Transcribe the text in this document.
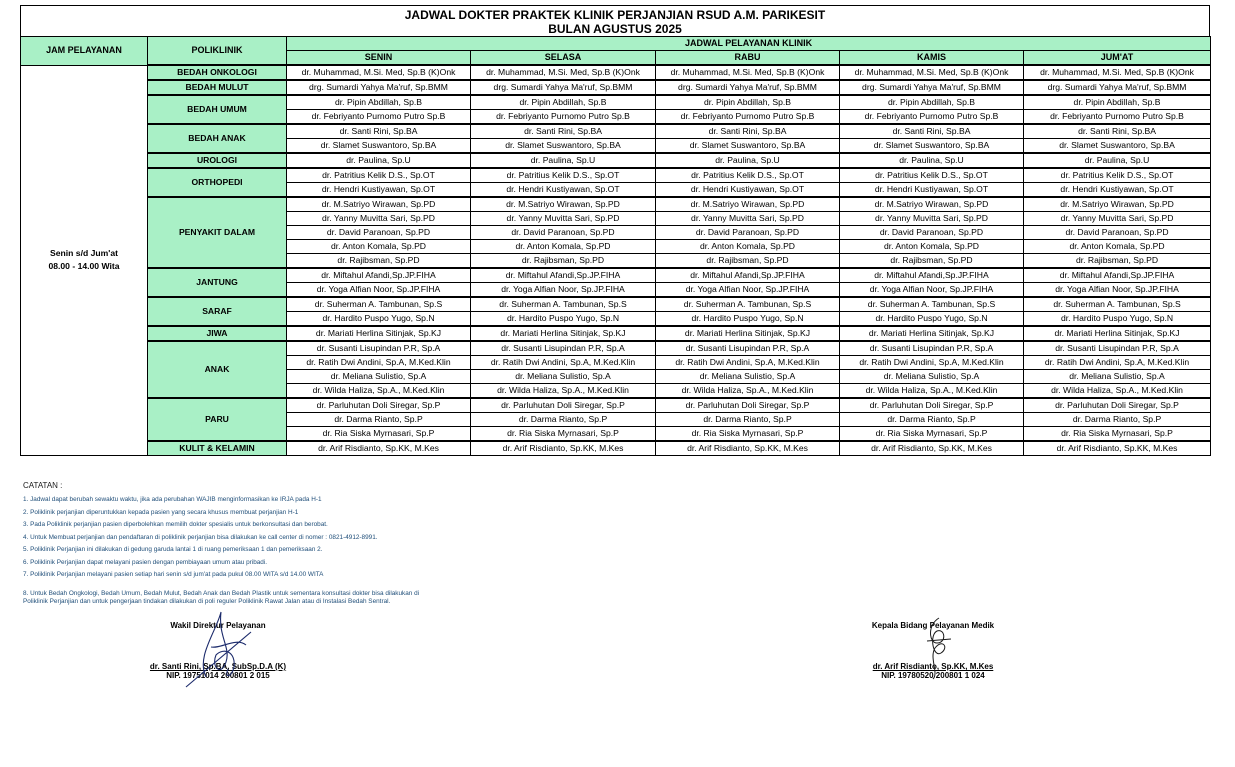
JADWAL DOKTER PRAKTEK KLINIK PERJANJIAN RSUD A.M. PARIKESIT
BULAN AGUSTUS 2025
JAM PELAYANAN	POLIKLINIK	JADWAL PELAYANAN KLINIK				
		SENIN	SELASA	RABU	KAMIS	JUM'AT

Senin s/d Jum'at
08.00 - 14.00 Wita	BEDAH ONKOLOGI	dr. Muhammad, M.Si. Med, Sp.B (K)Onk	dr. Muhammad, M.Si. Med, Sp.B (K)Onk	dr. Muhammad, M.Si. Med, Sp.B (K)Onk	dr. Muhammad, M.Si. Med, Sp.B (K)Onk	dr. Muhammad, M.Si. Med, Sp.B (K)Onk
	BEDAH MULUT	drg. Sumardi Yahya Ma'ruf, Sp.BMM	drg. Sumardi Yahya Ma'ruf, Sp.BMM	drg. Sumardi Yahya Ma'ruf, Sp.BMM	drg. Sumardi Yahya Ma'ruf, Sp.BMM	drg. Sumardi Yahya Ma'ruf, Sp.BMM
	BEDAH UMUM	dr. Pipin Abdillah, Sp.B	dr. Pipin Abdillah, Sp.B	dr. Pipin Abdillah, Sp.B	dr. Pipin Abdillah, Sp.B	dr. Pipin Abdillah, Sp.B
		dr. Febriyanto Purnomo Putro Sp.B	dr. Febriyanto Purnomo Putro Sp.B	dr. Febriyanto Purnomo Putro Sp.B	dr. Febriyanto Purnomo Putro Sp.B	dr. Febriyanto Purnomo Putro Sp.B
	BEDAH ANAK	dr. Santi Rini, Sp.BA	dr. Santi Rini, Sp.BA	dr. Santi Rini, Sp.BA	dr. Santi Rini, Sp.BA	dr. Santi Rini, Sp.BA
		dr. Slamet Suswantoro, Sp.BA	dr. Slamet Suswantoro, Sp.BA	dr. Slamet Suswantoro, Sp.BA	dr. Slamet Suswantoro, Sp.BA	dr. Slamet Suswantoro, Sp.BA
	UROLOGI	dr. Paulina, Sp.U	dr. Paulina, Sp.U	dr. Paulina, Sp.U	dr. Paulina, Sp.U	dr. Paulina, Sp.U
	ORTHOPEDI	dr. Patritius Kelik D.S., Sp.OT	dr. Patritius Kelik D.S., Sp.OT	dr. Patritius Kelik D.S., Sp.OT	dr. Patritius Kelik D.S., Sp.OT	dr. Patritius Kelik D.S., Sp.OT
		dr. Hendri Kustiyawan, Sp.OT	dr. Hendri Kustiyawan, Sp.OT	dr. Hendri Kustiyawan, Sp.OT	dr. Hendri Kustiyawan, Sp.OT	dr. Hendri Kustiyawan, Sp.OT
	PENYAKIT DALAM	dr. M.Satriyo Wirawan, Sp.PD	dr. M.Satriyo Wirawan, Sp.PD	dr. M.Satriyo Wirawan, Sp.PD	dr. M.Satriyo Wirawan, Sp.PD	dr. M.Satriyo Wirawan, Sp.PD
		dr. Yanny Muvitta Sari, Sp.PD	dr. Yanny Muvitta Sari, Sp.PD	dr. Yanny Muvitta Sari, Sp.PD	dr. Yanny Muvitta Sari, Sp.PD	dr. Yanny Muvitta Sari, Sp.PD
		dr. David Paranoan, Sp.PD	dr. David Paranoan, Sp.PD	dr. David Paranoan, Sp.PD	dr. David Paranoan, Sp.PD	dr. David Paranoan, Sp.PD
		dr. Anton Komala, Sp.PD	dr. Anton Komala, Sp.PD	dr. Anton Komala, Sp.PD	dr. Anton Komala, Sp.PD	dr. Anton Komala, Sp.PD
		dr. Rajibsman, Sp.PD	dr. Rajibsman, Sp.PD	dr. Rajibsman, Sp.PD	dr. Rajibsman, Sp.PD	dr. Rajibsman, Sp.PD
	JANTUNG	dr. Miftahul Afandi,Sp.JP.FIHA	dr. Miftahul Afandi,Sp.JP.FIHA	dr. Miftahul Afandi,Sp.JP.FIHA	dr. Miftahul Afandi,Sp.JP.FIHA	dr. Miftahul Afandi,Sp.JP.FIHA
		dr. Yoga Alfian Noor, Sp.JP.FIHA	dr. Yoga Alfian Noor, Sp.JP.FIHA	dr. Yoga Alfian Noor, Sp.JP.FIHA	dr. Yoga Alfian Noor, Sp.JP.FIHA	dr. Yoga Alfian Noor, Sp.JP.FIHA
	SARAF	dr. Suherman A. Tambunan, Sp.S	dr. Suherman A. Tambunan, Sp.S	dr. Suherman A. Tambunan, Sp.S	dr. Suherman A. Tambunan, Sp.S	dr. Suherman A. Tambunan, Sp.S
		dr. Hardito Puspo Yugo, Sp.N	dr. Hardito Puspo Yugo, Sp.N	dr. Hardito Puspo Yugo, Sp.N	dr. Hardito Puspo Yugo, Sp.N	dr. Hardito Puspo Yugo, Sp.N
	JIWA	dr. Mariati Herlina Sitinjak, Sp.KJ	dr. Mariati Herlina Sitinjak, Sp.KJ	dr. Mariati Herlina Sitinjak, Sp.KJ	dr. Mariati Herlina Sitinjak, Sp.KJ	dr. Mariati Herlina Sitinjak, Sp.KJ
	ANAK	dr. Susanti Lisupindan P.R, Sp.A	dr. Susanti Lisupindan P.R, Sp.A	dr. Susanti Lisupindan P.R, Sp.A	dr. Susanti Lisupindan P.R, Sp.A	dr. Susanti Lisupindan P.R, Sp.A
		dr. Ratih Dwi Andini, Sp.A, M.Ked.Klin	dr. Ratih Dwi Andini, Sp.A, M.Ked.Klin	dr. Ratih Dwi Andini, Sp.A, M.Ked.Klin	dr. Ratih Dwi Andini, Sp.A, M.Ked.Klin	dr. Ratih Dwi Andini, Sp.A, M.Ked.Klin
		dr. Meliana Sulistio, Sp.A	dr. Meliana Sulistio, Sp.A	dr. Meliana Sulistio, Sp.A	dr. Meliana Sulistio, Sp.A	dr. Meliana Sulistio, Sp.A
		dr. Wilda Haliza, Sp.A., M.Ked.Klin	dr. Wilda Haliza, Sp.A., M.Ked.Klin	dr. Wilda Haliza, Sp.A., M.Ked.Klin	dr. Wilda Haliza, Sp.A., M.Ked.Klin	dr. Wilda Haliza, Sp.A., M.Ked.Klin
	PARU	dr. Parluhutan Doli Siregar, Sp.P	dr. Parluhutan Doli Siregar, Sp.P	dr. Parluhutan Doli Siregar, Sp.P	dr. Parluhutan Doli Siregar, Sp.P	dr. Parluhutan Doli Siregar, Sp.P
		dr. Darma Rianto, Sp.P	dr. Darma Rianto, Sp.P	dr. Darma Rianto, Sp.P	dr. Darma Rianto, Sp.P	dr. Darma Rianto, Sp.P
		dr. Ria Siska Myrnasari, Sp.P	dr. Ria Siska Myrnasari, Sp.P	dr. Ria Siska Myrnasari, Sp.P	dr. Ria Siska Myrnasari, Sp.P	dr. Ria Siska Myrnasari, Sp.P
	KULIT & KELAMIN	dr. Arif Risdianto, Sp.KK, M.Kes	dr. Arif Risdianto, Sp.KK, M.Kes	dr. Arif Risdianto, Sp.KK, M.Kes	dr. Arif Risdianto, Sp.KK, M.Kes	dr. Arif Risdianto, Sp.KK, M.Kes
CATATAN :
1. Jadwal dapat berubah sewaktu waktu, jika ada perubahan WAJIB menginformasikan ke IRJA pada H-1
2. Poliklinik perjanjian diperuntukkan kepada pasien yang secara khusus membuat perjanjian H-1
3. Pada Poliklinik perjanjian pasien diperbolehkan memilih dokter spesialis untuk berkonsultasi dan berobat.
4. Untuk Membuat perjanjian dan pendaftaran di poliklinik perjanjian bisa dilakukan ke call center di nomer : 0821-4912-8991.
5. Poliklinik Perjanjian ini dilakukan di gedung garuda lantai 1 di ruang pemeriksaan 1 dan pemeriksaan 2.
6. Poliklinik Perjanjian dapat melayani pasien dengan pembiayaan umum atau pribadi.
7. Poliklinik Perjanjian melayani pasien setiap hari senin s/d jum'at pada pukul 08.00 WITA s/d 14.00 WITA
8. Untuk Bedah Ongkologi, Bedah Umum, Bedah Mulut, Bedah Anak dan Bedah Plastik untuk sementara konsultasi dokter bisa dilakukan di
Poliklinik Perjanjian dan untuk pengerjaan tindakan dilakukan di poli reguler Poliklinik Rawat Jalan atau di Instalasi Bedah Sentral.
Wakil Direktur Pelayanan
dr. Santi Rini, Sp.BA, SubSp.D.A (K)
NIP. 19751014 200801 2 015
Kepala Bidang Pelayanan Medik
dr. Arif Risdianto, Sp.KK, M.Kes
NIP. 19780520 200801 1 024
